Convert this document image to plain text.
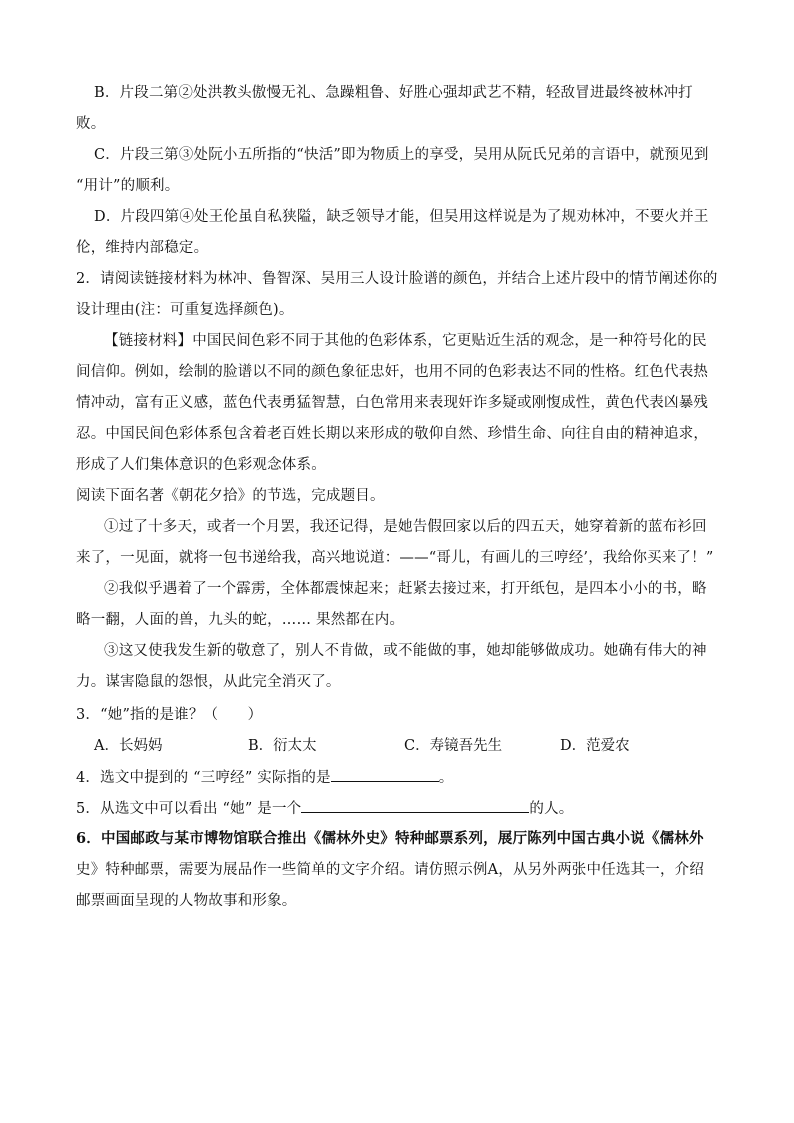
B．片段二第②处洪教头傲慢无礼、急躁粗鲁、好胜心强却武艺不精，轻敌冒进最终被林冲打
败。
C．片段三第③处阮小五所指的“快活”即为物质上的享受，吴用从阮氏兄弟的言语中，就预见到
“用计”的顺利。
D．片段四第④处王伦虽自私狭隘，缺乏领导才能，但吴用这样说是为了规劝林冲，不要火并王
伦，维持内部稳定。
2．请阅读链接材料为林冲、鲁智深、吴用三人设计脸谱的颜色，并结合上述片段中的情节阐述你的
设计理由(注：可重复选择颜色)。
【链接材料】中国民间色彩不同于其他的色彩体系，它更贴近生活的观念，是一种符号化的民
间信仰。例如，绘制的脸谱以不同的颜色象征忠奸，也用不同的色彩表达不同的性格。红色代表热
情冲动，富有正义感，蓝色代表勇猛智慧，白色常用来表现奸诈多疑或刚愎成性，黄色代表凶暴残
忍。中国民间色彩体系包含着老百姓长期以来形成的敬仰自然、珍惜生命、向往自由的精神追求，
形成了人们集体意识的色彩观念体系。
阅读下面名著《朝花夕拾》的节选，完成题目。
①过了十多天，或者一个月罢，我还记得，是她告假回家以后的四五天，她穿着新的蓝布衫回
来了，一见面，就将一包书递给我，高兴地说道：——“哥儿，有画儿的三哼经’，我给你买来了！”
②我似乎遇着了一个霹雳，全体都震悚起来；赶紧去接过来，打开纸包，是四本小小的书，略
略一翻，人面的兽，九头的蛇，…… 果然都在内。
③这又使我发生新的敬意了，别人不肯做，或不能做的事，她却能够做成功。她确有伟大的神
力。谋害隐鼠的怨恨，从此完全消灭了。
3．“她”指的是谁？（　　）
A．长妈妈	B．衍太太	C．寿镜吾先生	D．范爱农
4．选文中提到的 “三哼经” 实际指的是	。
5．从选文中可以看出 “她” 是一个	的人。
6．中国邮政与某市博物馆联合推出《儒林外史》特种邮票系列，展厅陈列中国古典小说《儒林外
史》特种邮票，需要为展品作一些简单的文字介绍。请仿照示例A，从另外两张中任选其一，介绍
邮票画面呈现的人物故事和形象。
